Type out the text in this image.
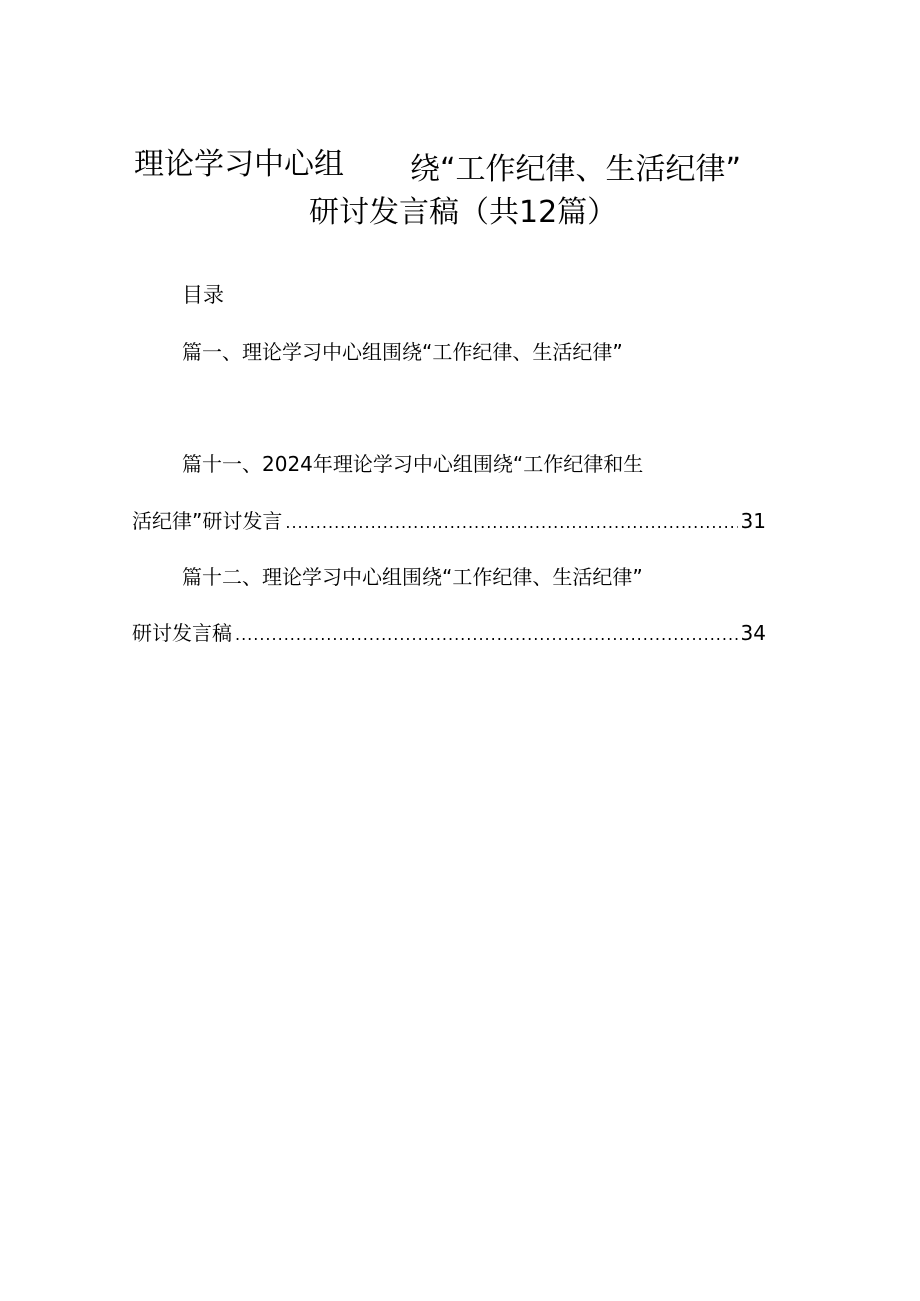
理论学习中心组 绕“工作纪律、生活纪律”
研讨发言稿（共12篇）
目录
篇一、理论学习中心组围绕“工作纪律、生活纪律”
篇十一、2024年理论学习中心组围绕“工作纪律和生
活纪律”研讨发言 .....	31
篇十二、理论学习中心组围绕“工作纪律、生活纪律”
研讨发言稿 .....	34
